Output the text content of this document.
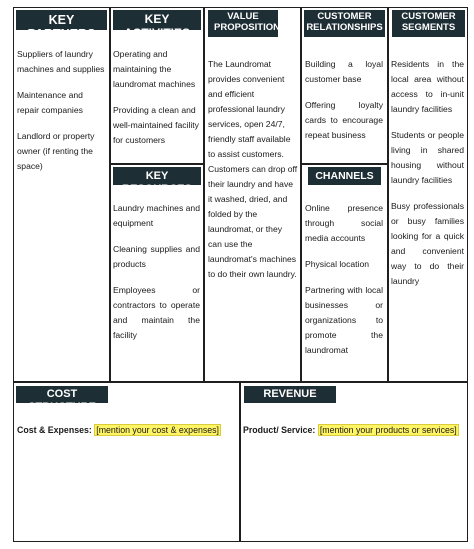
KEY PARTNERS

Suppliers of laundry machines and supplies

Maintenance and repair companies

Landlord or property owner (if renting the space)

KEY ACTIVITIES

Operating and maintaining the laundromat machines

Providing a clean and well-maintained facility for customers

KEY RESOURCES

Laundry machines and equipment

Cleaning supplies and products

Employees or contractors to operate and maintain the facility

VALUE PROPOSITION
The Laundromat provides convenient and efficient professional laundry services, open 24/7, friendly staff available to assist customers. Customers can drop off their laundry and have it washed, dried, and folded by the laundromat, or they can use the laundromat's machines to do their own laundry.
CUSTOMER RELATIONSHIPS

Building a loyal customer base

Offering loyalty cards to encourage repeat business

CHANNELS

Online presence through social media accounts

Physical location

Partnering with local businesses or organizations to promote the laundromat

CUSTOMER SEGMENTS

Residents in the local area without access to in-unit laundry facilities

Students or people living in shared housing without laundry facilities

Busy professionals or busy families looking for a quick and convenient way to do their laundry

COST STRUCTURE
Cost & Expenses: [mention your cost & expenses]
REVENUE
Product/ Service: [mention your products or services]
